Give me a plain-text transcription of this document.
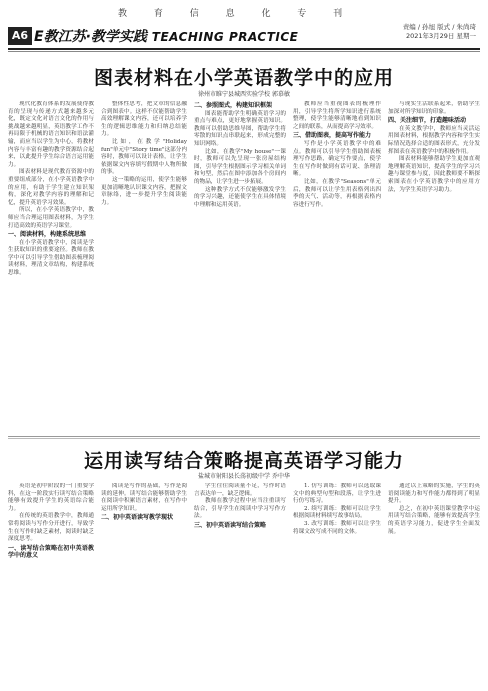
教 育 信 息 化 专 刊
A6 E教江苏·教学实践 TEACHING PRACTICE
责编 / 孙旭 版式 / 朱尚琦
2021年3月29日 星期一
图表材料在小学英语教学中的应用
徐州市睢宁县城西实验学校 郭慕敏

现代化教育体系的发展使得教育的呈现与传递方式越来越多元化，既定文化对语言文化的作用与挑战越来越明显，英语教学工作不再局限于机械的语言知识和语法灌输，而应当以学生为中心，将教材内容与丰富有趣的教学资源结合起来，以此提升学生综合语言运用能力。

图表材料是现代教育资源中的重要组成部分，在小学英语教学中的应用，有助于学生建立知识架构，深化对教学内容的理解和记忆，提升英语学习效果。

所以，在小学英语教学中，教师应当合理运用图表材料，为学生打造高效的英语学习课堂。

一、阅读材料，构建系统思维

在小学英语教学中，阅读是学生获取知识的重要途径。教师在教学中可以引导学生借助图表梳理阅读材料，理清文章结构，构建系统思维。

整体性思考，把文章的信息融合到图表中。这样不仅能帮助学生高效理解课文内容，还可以培养学生的逻辑思维能力和归纳总结能力。

比如，在教学"Holiday fun"单元中"Story time"这部分内容时，教师可以设计表格，让学生依据课文内容填写假期中人物所做的事。

这一策略的运用，使学生能够更加清晰地认识课文内容，把握文章脉络，进一步提升学生阅读能力。

二、参照图式，构建知识框架

图表能帮助学生明确英语学习的重点与难点，更好地掌握英语知识。教师可以借助思维导图，帮助学生将零散的知识点串联起来，形成完整的知识网络。

比如，在教学"My house"一课时，教师可以先呈现一张房屋结构图，引导学生根据图示学习相关单词和句型，然后在图中添加各个房间内的物品，让学生进一步拓展。

这种教学方式不仅能够激发学生的学习兴趣，还能使学生在具体情境中理解和运用英语。

教师应当重视图表的梳理作用，引导学生将所学知识进行系统整理，使学生能够清晰地看到知识之间的联系，从而提高学习效率。

三、借助图表，提高写作能力

写作是小学英语教学中的难点。教师可以引导学生借助图表梳理写作思路，确定写作要点，使学生在写作时做到有话可说、条理清晰。

比如，在教学"Seasons"单元后，教师可以让学生用表格列出四季的天气、活动等，再根据表格内容进行写作。

与现实生活联系起来，帮助学生加深对所学知识的印象。

四、关注细节，打造趣味活动

在英文教学中，教师应当灵活运用图表材料，根据教学内容和学生实际情况选择合适的图表形式，充分发挥图表在英语教学中的积极作用。

图表材料能够帮助学生更加直观地理解英语知识，提高学生的学习兴趣与课堂参与度，因此教师要不断探索图表在小学英语教学中的应用方法，为学生英语学习助力。

运用读写结合策略提高英语学习能力
盐城市射阳县长荡初级中学 乔中华

英语是初中阶段的一门重要学科，在这一阶段实行读写结合策略能够有效提升学生的英语综合能力。

在传统的英语教学中，教师通常将阅读与写作分开进行，导致学生在写作时缺乏素材，阅读时缺乏深度思考。

一、读写结合策略在初中英语教学中的意义

阅读是写作的基础，写作是阅读的延伸。读写结合能够帮助学生在阅读中积累语言素材，在写作中运用所学知识。

二、初中英语读写教学现状

学生往往阅读量不足，写作时语言表达单一，缺乏逻辑。

教师在教学过程中应当注重读写结合，引导学生在阅读中学习写作方法。

三、初中英语读写结合策略

1. 仿写训练：教师可以选取课文中的典型句型和段落，让学生进行仿写练习。

2. 续写训练：教师可以让学生根据阅读材料续写故事结局。

3. 改写训练：教师可以让学生将课文改写成不同的文体。

通过以上策略的实施，学生的英语阅读能力和写作能力都得到了明显提升。

总之，在初中英语课堂教学中运用读写结合策略，能够有效提高学生的英语学习能力，促进学生全面发展。
